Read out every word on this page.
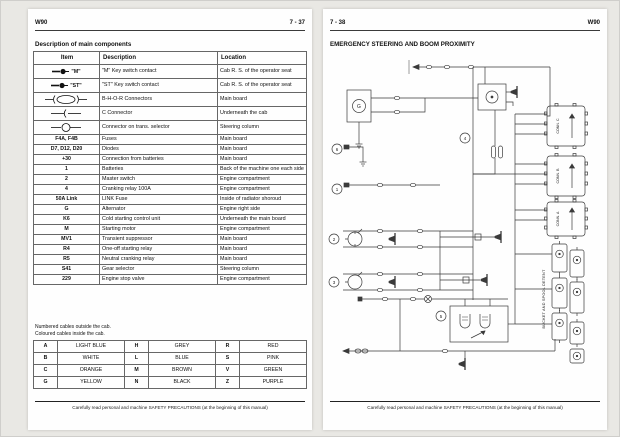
W90	7 - 37
Description of main components
Item	Description	Location
"M"	"M" Key switch contact	Cab R. S. of the operator seat
"ST"	"ST" Key switch contact	Cab R. S. of the operator seat
	B-H-O-R Connectors	Main board
	C Connector	Underneath the cab
	Connector on trans. selector	Steering column
F4A, F4B	Fuses	Main board
D7, D12, D20	Diodes	Main board
+30	Connection from batteries	Main board
1	Batteries	Back of the machine one each side
2	Master switch	Engine compartment
4	Cranking relay 100A	Engine compartment
50A Link	LINK Fuse	Inside of radiator shoroud
G	Alternator	Engine right side
K6	Cold starting control unit	Underneath the main board
M	Starting motor	Engine compartment
MV1	Transient suppressor	Main board
R4	One-off starting relay	Main board
R5	Neutral cranking relay	Main board
S41	Gear selector	Steering column
229	Engine stop valve	Engine compartment
Numbered cables outside the cab.
Coloured cables inside the cab.
A	LIGHT BLUE	H	GREY	R	RED
B	WHITE	L	BLUE	S	PINK
C	ORANGE	M	BROWN	V	GREEN
G	YELLOW	N	BLACK	Z	PURPLE
Carefully read personal and machine SAFETY PRECAUTIONS (at the beginning of this manual)
7 - 38	W90
EMERGENCY STEERING AND BOOM PROXIMITY
G
1
2
3
4
5
6
CONN. C
CONN. B
CONN. A
BUCKET AND SPOOL DETENT
Carefully read personal and machine SAFETY PRECAUTIONS (at the beginning of this manual)
